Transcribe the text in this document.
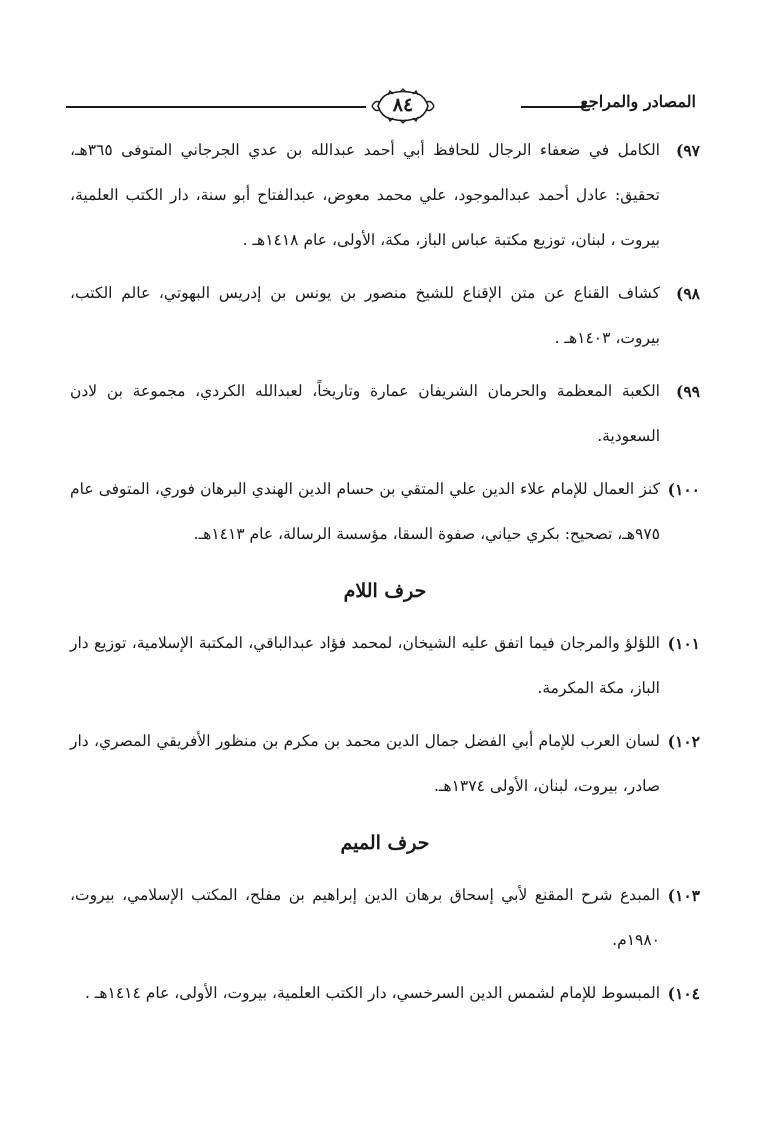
المصادر والمراجع
٨٤
٩٧)
الكامل في ضعفاء الرجال للحافظ أبي أحمد عبدالله بن عدي الجرجاني المتوفى ٣٦٥هـ، تحقيق: عادل أحمد عبدالموجود، علي محمد معوض، عبدالفتاح أبو سنة، دار الكتب العلمية، بيروت ، لبنان، توزيع مكتبة عباس الباز، مكة، الأولى، عام ١٤١٨هـ .
٩٨)
كشاف القناع عن متن الإقناع للشيخ منصور بن يونس بن إدريس البهوتي، عالم الكتب، بيروت، ١٤٠٣هـ .
٩٩)
الكعبة المعظمة والحرمان الشريفان عمارة وتاريخاً، لعبدالله الكردي، مجموعة بن لادن السعودية.
١٠٠)
كنز العمال للإمام علاء الدين علي المتقي بن حسام الدين الهندي البرهان فوري، المتوفى عام ٩٧٥هـ، تصحيح: بكري حياني، صفوة السقا، مؤسسة الرسالة، عام ١٤١٣هـ.
حرف اللام
١٠١)
اللؤلؤ والمرجان فيما اتفق عليه الشيخان، لمحمد فؤاد عبدالباقي، المكتبة الإسلامية، توزيع دار الباز، مكة المكرمة.
١٠٢)
لسان العرب للإمام أبي الفضل جمال الدين محمد بن مكرم بن منظور الأفريقي المصري، دار صادر، بيروت، لبنان، الأولى ١٣٧٤هـ.
حرف الميم
١٠٣)
المبدع شرح المقنع لأبي إسحاق برهان الدين إبراهيم بن مفلح، المكتب الإسلامي، بيروت، ١٩٨٠م.
١٠٤)
المبسوط للإمام لشمس الدين السرخسي، دار الكتب العلمية، بيروت، الأولى، عام ١٤١٤هـ .
